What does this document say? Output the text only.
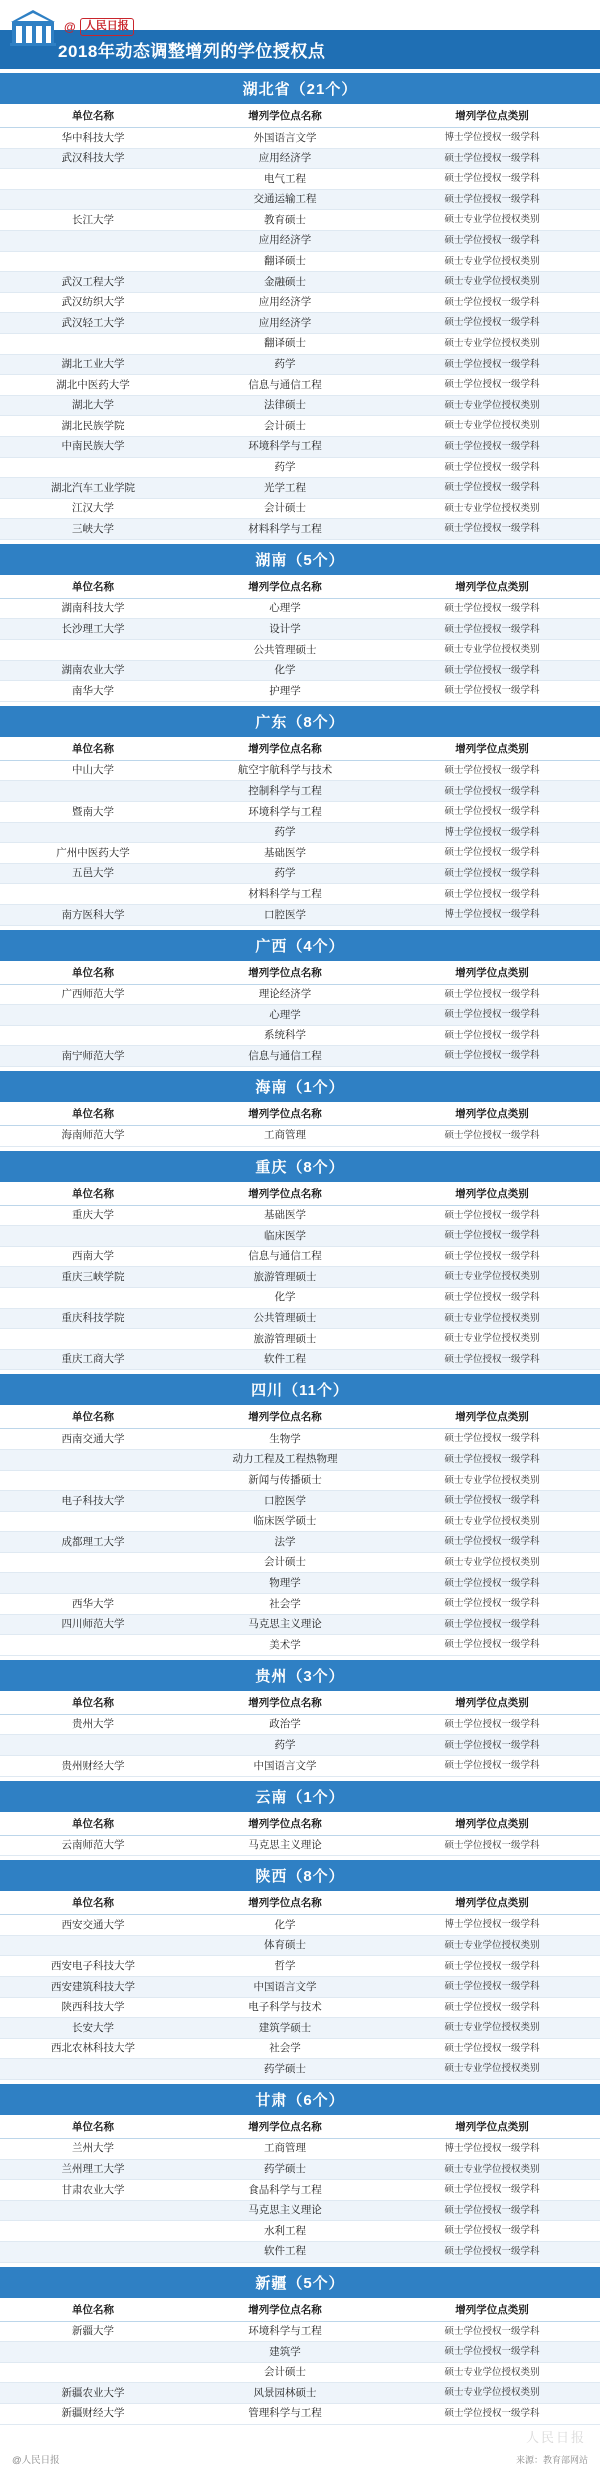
@ 人民日报
2018年动态调整增列的学位授权点
湖北省（21个）
单位名称	增列学位点名称	增列学位点类别
华中科技大学	外国语言文学	博士学位授权一级学科
武汉科技大学	应用经济学	硕士学位授权一级学科
	电气工程	硕士学位授权一级学科
	交通运输工程	硕士学位授权一级学科
长江大学	教育硕士	硕士专业学位授权类别
	应用经济学	硕士学位授权一级学科
	翻译硕士	硕士专业学位授权类别
武汉工程大学	金融硕士	硕士专业学位授权类别
武汉纺织大学	应用经济学	硕士学位授权一级学科
武汉轻工大学	应用经济学	硕士学位授权一级学科
	翻译硕士	硕士专业学位授权类别
湖北工业大学	药学	硕士学位授权一级学科
湖北中医药大学	信息与通信工程	硕士学位授权一级学科
湖北大学	法律硕士	硕士专业学位授权类别
湖北民族学院	会计硕士	硕士专业学位授权类别
中南民族大学	环境科学与工程	硕士学位授权一级学科
	药学	硕士学位授权一级学科
湖北汽车工业学院	光学工程	硕士学位授权一级学科
江汉大学	会计硕士	硕士专业学位授权类别
三峡大学	材料科学与工程	硕士学位授权一级学科
湖南（5个）
单位名称	增列学位点名称	增列学位点类别
湖南科技大学	心理学	硕士学位授权一级学科
长沙理工大学	设计学	硕士学位授权一级学科
	公共管理硕士	硕士专业学位授权类别
湖南农业大学	化学	硕士学位授权一级学科
南华大学	护理学	硕士学位授权一级学科
广东（8个）
单位名称	增列学位点名称	增列学位点类别
中山大学	航空宇航科学与技术	硕士学位授权一级学科
	控制科学与工程	硕士学位授权一级学科
暨南大学	环境科学与工程	硕士学位授权一级学科
	药学	博士学位授权一级学科
广州中医药大学	基础医学	硕士学位授权一级学科
五邑大学	药学	硕士学位授权一级学科
	材料科学与工程	硕士学位授权一级学科
南方医科大学	口腔医学	博士学位授权一级学科
广西（4个）
单位名称	增列学位点名称	增列学位点类别
广西师范大学	理论经济学	硕士学位授权一级学科
	心理学	硕士学位授权一级学科
	系统科学	硕士学位授权一级学科
南宁师范大学	信息与通信工程	硕士学位授权一级学科
海南（1个）
单位名称	增列学位点名称	增列学位点类别
海南师范大学	工商管理	硕士学位授权一级学科
重庆（8个）
单位名称	增列学位点名称	增列学位点类别
重庆大学	基础医学	硕士学位授权一级学科
	临床医学	硕士学位授权一级学科
西南大学	信息与通信工程	硕士学位授权一级学科
重庆三峡学院	旅游管理硕士	硕士专业学位授权类别
	化学	硕士学位授权一级学科
重庆科技学院	公共管理硕士	硕士专业学位授权类别
	旅游管理硕士	硕士专业学位授权类别
重庆工商大学	软件工程	硕士学位授权一级学科
四川（11个）
单位名称	增列学位点名称	增列学位点类别
西南交通大学	生物学	硕士学位授权一级学科
	动力工程及工程热物理	硕士学位授权一级学科
	新闻与传播硕士	硕士专业学位授权类别
电子科技大学	口腔医学	硕士学位授权一级学科
	临床医学硕士	硕士专业学位授权类别
成都理工大学	法学	硕士学位授权一级学科
	会计硕士	硕士专业学位授权类别
	物理学	硕士学位授权一级学科
西华大学	社会学	硕士学位授权一级学科
四川师范大学	马克思主义理论	硕士学位授权一级学科
	美术学	硕士学位授权一级学科
贵州（3个）
单位名称	增列学位点名称	增列学位点类别
贵州大学	政治学	硕士学位授权一级学科
	药学	硕士学位授权一级学科
贵州财经大学	中国语言文学	硕士学位授权一级学科
云南（1个）
单位名称	增列学位点名称	增列学位点类别
云南师范大学	马克思主义理论	硕士学位授权一级学科
陕西（8个）
单位名称	增列学位点名称	增列学位点类别
西安交通大学	化学	博士学位授权一级学科
	体育硕士	硕士专业学位授权类别
西安电子科技大学	哲学	硕士学位授权一级学科
西安建筑科技大学	中国语言文学	硕士学位授权一级学科
陕西科技大学	电子科学与技术	硕士学位授权一级学科
长安大学	建筑学硕士	硕士专业学位授权类别
西北农林科技大学	社会学	硕士学位授权一级学科
	药学硕士	硕士专业学位授权类别
甘肃（6个）
单位名称	增列学位点名称	增列学位点类别
兰州大学	工商管理	博士学位授权一级学科
兰州理工大学	药学硕士	硕士专业学位授权类别
甘肃农业大学	食品科学与工程	硕士学位授权一级学科
	马克思主义理论	硕士学位授权一级学科
	水利工程	硕士学位授权一级学科
	软件工程	硕士学位授权一级学科
新疆（5个）
单位名称	增列学位点名称	增列学位点类别
新疆大学	环境科学与工程	硕士学位授权一级学科
	建筑学	硕士学位授权一级学科
	会计硕士	硕士专业学位授权类别
新疆农业大学	风景园林硕士	硕士专业学位授权类别
新疆财经大学	管理科学与工程	硕士学位授权一级学科
人民日报
@人民日报	来源：教育部网站
